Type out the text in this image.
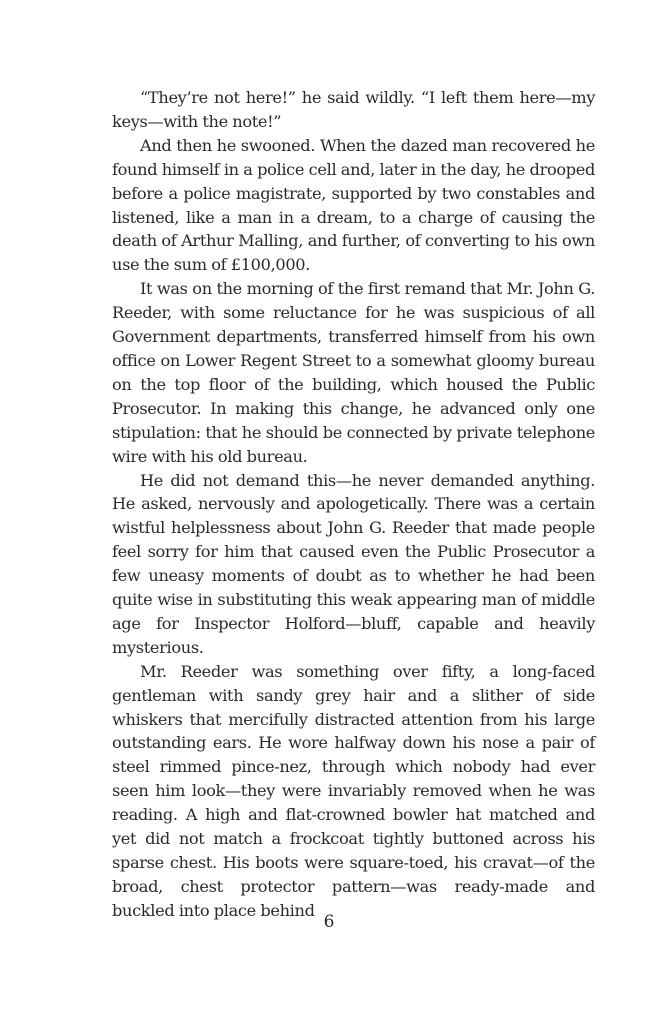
“They’re not here!” he said wildly. “I left them here—my keys—with the note!”

And then he swooned. When the dazed man recovered he found himself in a police cell and, later in the day, he drooped before a police magistrate, supported by two constables and listened, like a man in a dream, to a charge of causing the death of Arthur Malling, and further, of converting to his own use the sum of £100,000.

It was on the morning of the first remand that Mr. John G. Reeder, with some reluctance for he was suspicious of all Government departments, transferred himself from his own office on Lower Regent Street to a somewhat gloomy bureau on the top floor of the building, which housed the Public Prosecutor. In making this change, he advanced only one stipulation: that he should be connected by private telephone wire with his old bureau.

He did not demand this—he never demanded anything. He asked, nervously and apologetically. There was a certain wistful helplessness about John G. Reeder that made people feel sorry for him that caused even the Public Prosecutor a few uneasy moments of doubt as to whether he had been quite wise in substituting this weak appearing man of middle age for Inspector Holford—bluff, capable and heavily mysterious.

Mr. Reeder was something over fifty, a long-faced gentleman with sandy grey hair and a slither of side whiskers that mercifully distracted attention from his large outstanding ears. He wore halfway down his nose a pair of steel rimmed pince-nez, through which nobody had ever seen him look—they were invariably removed when he was reading. A high and flat-crowned bowler hat matched and yet did not match a frockcoat tightly buttoned across his sparse chest. His boots were square-toed, his cravat—of the broad, chest protector pattern—was ready-made and buckled into place behind

6
